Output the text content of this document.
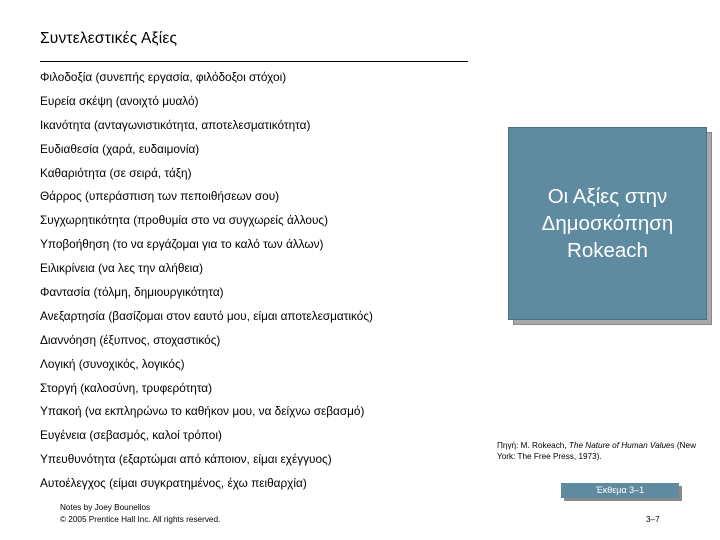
Συντελεστικές Αξίες
Φιλοδοξία (συνεπής εργασία, φιλόδοξοι στόχοι)
Ευρεία σκέψη (ανοιχτό μυαλό)
Ικανότητα (ανταγωνιστικότητα, αποτελεσματικότητα)
Ευδιαθεσία (χαρά, ευδαιμονία)
Καθαριότητα (σε σειρά, τάξη)
Θάρρος (υπεράσπιση των πεποιθήσεων σου)
Συγχωρητικότητα (προθυμία στο να συγχωρείς άλλους)
Υποβοήθηση (το να εργάζομαι για το καλό των άλλων)
Ειλικρίνεια (να λες την αλήθεια)
Φαντασία (τόλμη, δημιουργικότητα)
Ανεξαρτησία (βασίζομαι στον εαυτό μου, είμαι αποτελεσματικός)
Διαννόηση (έξυπνος, στοχαστικός)
Λογική (συνοχικός, λογικός)
Στοργή (καλοσύνη, τρυφερότητα)
Υπακοή (να εκπληρώνω το καθήκον μου, να δείχνω σεβασμό)
Ευγένεια (σεβασμός, καλοί τρόποι)
Υπευθυνότητα (εξαρτώμαι από κάποιον, είμαι εχέγγυος)
Αυτοέλεγχος (είμαι συγκρατημένος, έχω πειθαρχία)
Οι Αξίες στην
Δημοσκόπηση
Rokeach
Πηγή: M. Rokeach, The Nature of Human Values (New York: The Free Press, 1973).
Έκθεμα 3–1
Notes by Joey Bounellos
© 2005 Prentice Hall Inc. All rights reserved.	3–7
